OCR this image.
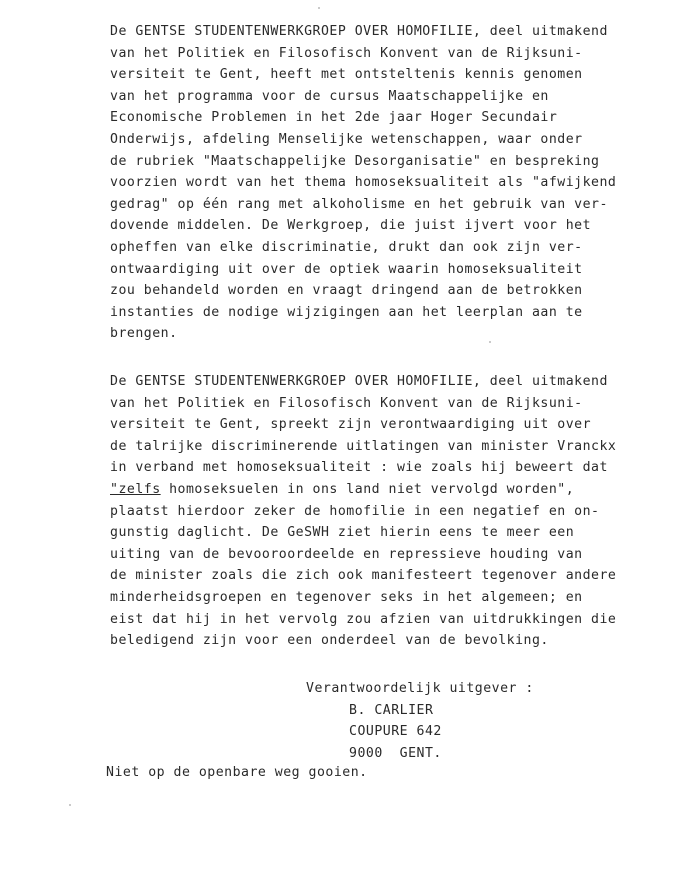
De GENTSE STUDENTENWERKGROEP OVER HOMOFILIE, deel uitmakend
van het Politiek en Filosofisch Konvent van de Rijksuni-
versiteit te Gent, heeft met ontsteltenis kennis genomen
van het programma voor de cursus Maatschappelijke en
Economische Problemen in het 2de jaar Hoger Secundair
Onderwijs, afdeling Menselijke wetenschappen, waar onder
de rubriek "Maatschappelijke Desorganisatie" en bespreking
voorzien wordt van het thema homoseksualiteit als "afwijkend
gedrag" op één rang met alkoholisme en het gebruik van ver-
dovende middelen. De Werkgroep, die juist ijvert voor het
opheffen van elke discriminatie, drukt dan ook zijn ver-
ontwaardiging uit over de optiek waarin homoseksualiteit
zou behandeld worden en vraagt dringend aan de betrokken
instanties de nodige wijzigingen aan het leerplan aan te
brengen.
De GENTSE STUDENTENWERKGROEP OVER HOMOFILIE, deel uitmakend
van het Politiek en Filosofisch Konvent van de Rijksuni-
versiteit te Gent, spreekt zijn verontwaardiging uit over
de talrijke discriminerende uitlatingen van minister Vranckx
in verband met homoseksualiteit : wie zoals hij beweert dat
"zelfs homoseksuelen in ons land niet vervolgd worden",
plaatst hierdoor zeker de homofilie in een negatief en on-
gunstig daglicht. De GeSWH ziet hierin eens te meer een
uiting van de bevooroordeelde en repressieve houding van
de minister zoals die zich ook manifesteert tegenover andere
minderheidsgroepen en tegenover seks in het algemeen; en
eist dat hij in het vervolg zou afzien van uitdrukkingen die
beledigend zijn voor een onderdeel van de bevolking.
Verantwoordelijk uitgever :
B. CARLIER
COUPURE 642
9000  GENT.
Niet op de openbare weg gooien.
